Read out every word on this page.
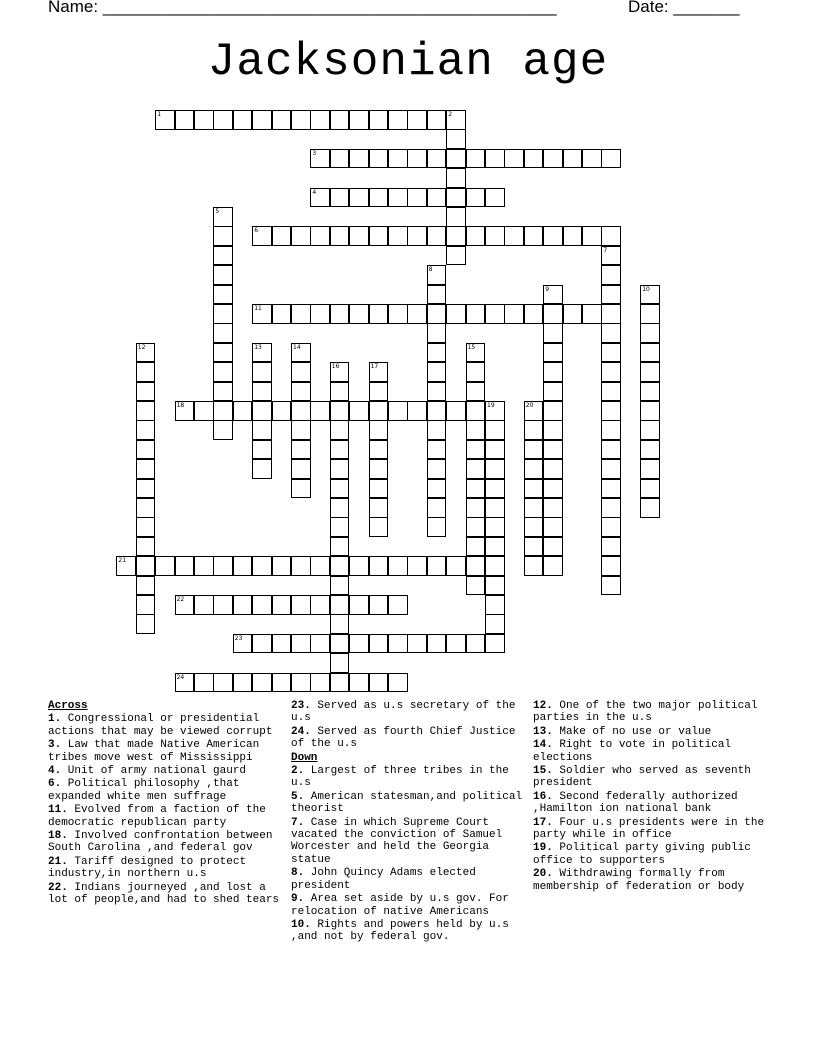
Name: ________________________________________________	Date: _______
Jacksonian age
1	2
3
4
5
6
7
8
9	10
11
12	13	14	15
16	17
18	19	20
21
22
23
24
Across
1. Congressional or presidential actions that may be viewed corrupt
3. Law that made Native American tribes move west of Mississippi
4. Unit of army national gaurd
6. Political philosophy ,that expanded white men suffrage
11. Evolved from a faction of the democratic republican party
18. Involved confrontation between South Carolina ,and federal gov
21. Tariff designed to protect industry,in northern u.s
22. Indians journeyed ,and lost a lot of people,and had to shed tears
23. Served as u.s secretary of the u.s
24. Served as fourth Chief Justice of the u.s
Down
2. Largest of three tribes in the u.s
5. American statesman,and political theorist
7. Case in which Supreme Court vacated the conviction of Samuel Worcester and held the Georgia statue
8. John Quincy Adams elected president
9. Area set aside by u.s gov. For relocation of native Americans
10. Rights and powers held by u.s ,and not by federal gov.
12. One of the two major political parties in the u.s
13. Make of no use or value
14. Right to vote in political elections
15. Soldier who served as seventh president
16. Second federally authorized ,Hamilton ion national bank
17. Four u.s presidents were in the party while in office
19. Political party giving public office to supporters
20. Withdrawing formally from membership of federation or body
